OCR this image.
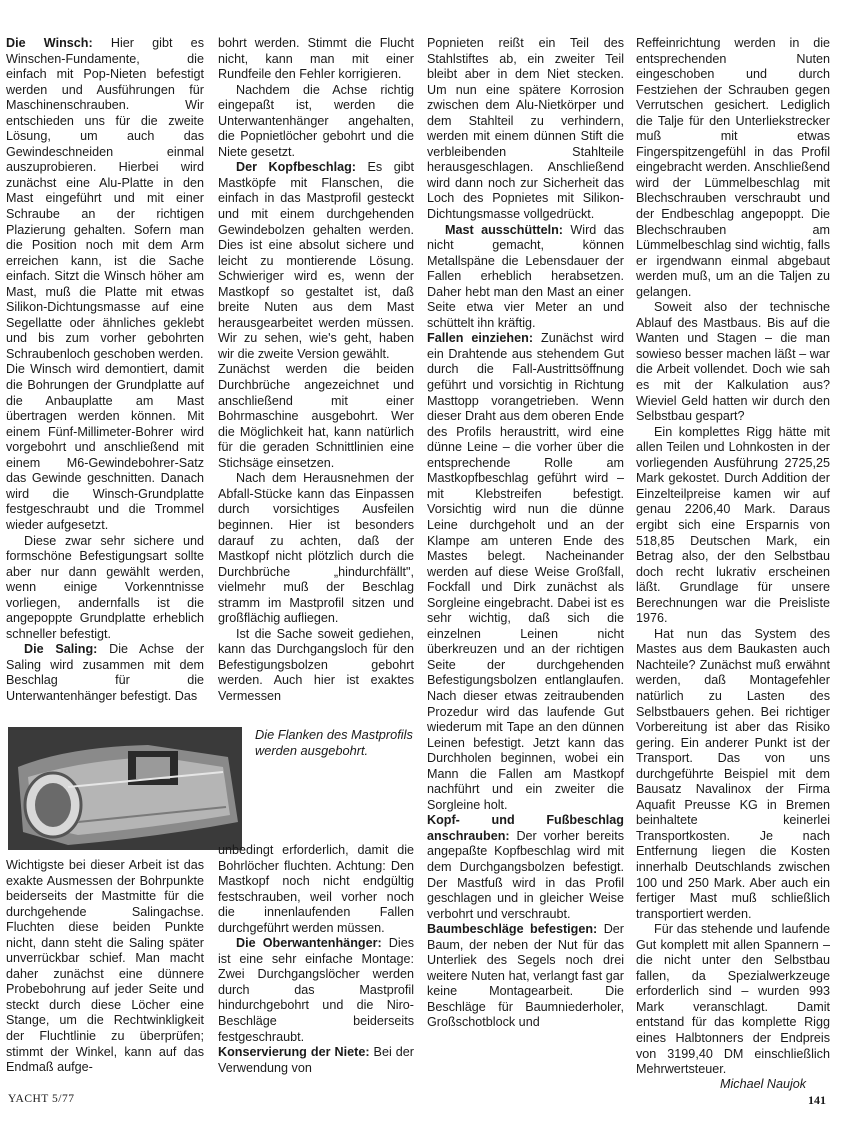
Die Winsch: Hier gibt es Winschen-Fundamente, die einfach mit Pop-Nieten befestigt werden und Ausführungen für Maschinenschrauben. Wir entschieden uns für die zweite Lösung, um auch das Gewindeschneiden einmal auszuprobieren. Hierbei wird zunächst eine Alu-Platte in den Mast eingeführt und mit einer Schraube an der richtigen Plazierung gehalten. Sofern man die Position noch mit dem Arm erreichen kann, ist die Sache einfach. Sitzt die Winsch höher am Mast, muß die Platte mit etwas Silikon-Dichtungsmasse auf eine Segellatte oder ähnliches geklebt und bis zum vorher gebohrten Schraubenloch geschoben werden.

Die Winsch wird demontiert, damit die Bohrungen der Grundplatte auf die Anbauplatte am Mast übertragen werden können. Mit einem Fünf-Millimeter-Bohrer wird vorgebohrt und anschließend mit einem M6-Gewindebohrer-Satz das Gewinde geschnitten. Danach wird die Winsch-Grundplatte festgeschraubt und die Trommel wieder aufgesetzt.

Diese zwar sehr sichere und formschöne Befestigungsart sollte aber nur dann gewählt werden, wenn einige Vorkenntnisse vorliegen, andernfalls ist die angepoppte Grundplatte erheblich schneller befestigt.

Die Saling: Die Achse der Saling wird zusammen mit dem Beschlag für die Unterwantenhänger befestigt. Das

bohrt werden. Stimmt die Flucht nicht, kann man mit einer Rundfeile den Fehler korrigieren.

Nachdem die Achse richtig eingepaßt ist, werden die Unterwantenhänger angehalten, die Popnietlöcher gebohrt und die Niete gesetzt.

Der Kopfbeschlag: Es gibt Mastköpfe mit Flanschen, die einfach in das Mastprofil gesteckt und mit einem durchgehenden Gewindebolzen gehalten werden. Dies ist eine absolut sichere und leicht zu montierende Lösung. Schwieriger wird es, wenn der Mastkopf so gestaltet ist, daß breite Nuten aus dem Mast herausgearbeitet werden müssen. Wir zu sehen, wie's geht, haben wir die zweite Version gewählt.

Zunächst werden die beiden Durchbrüche angezeichnet und anschließend mit einer Bohrmaschine ausgebohrt. Wer die Möglichkeit hat, kann natürlich für die geraden Schnittlinien eine Stichsäge einsetzen.

Nach dem Herausnehmen der Abfall-Stücke kann das Einpassen durch vorsichtiges Ausfeilen beginnen. Hier ist besonders darauf zu achten, daß der Mastkopf nicht plötzlich durch die Durchbrüche „hindurchfällt", vielmehr muß der Beschlag stramm im Mastprofil sitzen und großflächig aufliegen.

Ist die Sache soweit gediehen, kann das Durchgangsloch für den Befestigungsbolzen gebohrt werden. Auch hier ist exaktes Vermessen

Popnieten reißt ein Teil des Stahlstiftes ab, ein zweiter Teil bleibt aber in dem Niet stecken. Um nun eine spätere Korrosion zwischen dem Alu-Nietkörper und dem Stahlteil zu verhindern, werden mit einem dünnen Stift die verbleibenden Stahlteile herausgeschlagen. Anschließend wird dann noch zur Sicherheit das Loch des Popnietes mit Silikon-Dichtungsmasse vollgedrückt.

Mast ausschütteln: Wird das nicht gemacht, können Metallspäne die Lebensdauer der Fallen erheblich herabsetzen. Daher hebt man den Mast an einer Seite etwa vier Meter an und schüttelt ihn kräftig.

Fallen einziehen: Zunächst wird ein Drahtende aus stehendem Gut durch die Fall-Austrittsöffnung geführt und vorsichtig in Richtung Masttopp vorangetrieben. Wenn dieser Draht aus dem oberen Ende des Profils heraustritt, wird eine dünne Leine – die vorher über die entsprechende Rolle am Mastkopfbeschlag geführt wird – mit Klebstreifen befestigt. Vorsichtig wird nun die dünne Leine durchgeholt und an der Klampe am unteren Ende des Mastes belegt. Nacheinander werden auf diese Weise Großfall, Fockfall und Dirk zunächst als Sorgleine eingebracht. Dabei ist es sehr wichtig, daß sich die einzelnen Leinen nicht überkreuzen und an der richtigen Seite der durchgehenden Befestigungsbolzen entlanglaufen. Nach dieser etwas zeitraubenden Prozedur wird das laufende Gut wiederum mit Tape an den dünnen Leinen befestigt. Jetzt kann das Durchholen beginnen, wobei ein Mann die Fallen am Mastkopf nachführt und ein zweiter die Sorgleine holt.

Kopf- und Fußbeschlag anschrauben: Der vorher bereits angepaßte Kopfbeschlag wird mit dem Durchgangsbolzen befestigt. Der Mastfuß wird in das Profil geschlagen und in gleicher Weise verbohrt und verschraubt.

Baumbeschläge befestigen: Der Baum, der neben der Nut für das Unterliek des Segels noch drei weitere Nuten hat, verlangt fast gar keine Montagearbeit. Die Beschläge für Baumniederholer, Großschotblock und

Reffeinrichtung werden in die entsprechenden Nuten eingeschoben und durch Festziehen der Schrauben gegen Verrutschen gesichert. Lediglich die Talje für den Unterliekstrecker muß mit etwas Fingerspitzengefühl in das Profil eingebracht werden. Anschließend wird der Lümmelbeschlag mit Blechschrauben verschraubt und der Endbeschlag angepoppt. Die Blechschrauben am Lümmelbeschlag sind wichtig, falls er irgendwann einmal abgebaut werden muß, um an die Taljen zu gelangen.

Soweit also der technische Ablauf des Mastbaus. Bis auf die Wanten und Stagen – die man sowieso besser machen läßt – war die Arbeit vollendet. Doch wie sah es mit der Kalkulation aus? Wieviel Geld hatten wir durch den Selbstbau gespart?

Ein komplettes Rigg hätte mit allen Teilen und Lohnkosten in der vorliegenden Ausführung 2725,25 Mark gekostet. Durch Addition der Einzelteilpreise kamen wir auf genau 2206,40 Mark. Daraus ergibt sich eine Ersparnis von 518,85 Deutschen Mark, ein Betrag also, der den Selbstbau doch recht lukrativ erscheinen läßt. Grundlage für unsere Berechnungen war die Preisliste 1976.

Hat nun das System des Mastes aus dem Baukasten auch Nachteile? Zunächst muß erwähnt werden, daß Montagefehler natürlich zu Lasten des Selbstbauers gehen. Bei richtiger Vorbereitung ist aber das Risiko gering. Ein anderer Punkt ist der Transport. Das von uns durchgeführte Beispiel mit dem Bausatz Navalinox der Firma Aquafit Preusse KG in Bremen beinhaltete keinerlei Transportkosten. Je nach Entfernung liegen die Kosten innerhalb Deutschlands zwischen 100 und 250 Mark. Aber auch ein fertiger Mast muß schließlich transportiert werden.

Für das stehende und laufende Gut komplett mit allen Spannern – die nicht unter den Selbstbau fallen, da Spezialwerkzeuge erforderlich sind – wurden 993 Mark veranschlagt. Damit entstand für das komplette Rigg eines Halbtonners der Endpreis von 3199,40 DM einschließlich Mehrwertsteuer.

Die Flanken des Mastprofils werden ausgebohrt.

Wichtigste bei dieser Arbeit ist das exakte Ausmessen der Bohrpunkte beiderseits der Mastmitte für die durchgehende Salingachse. Fluchten diese beiden Punkte nicht, dann steht die Saling später unverrückbar schief. Man macht daher zunächst eine dünnere Probebohrung auf jeder Seite und steckt durch diese Löcher eine Stange, um die Rechtwinkligkeit der Fluchtlinie zu überprüfen; stimmt der Winkel, kann auf das Endmaß aufge-

unbedingt erforderlich, damit die Bohrlöcher fluchten. Achtung: Den Mastkopf noch nicht endgültig festschrauben, weil vorher noch die innenlaufenden Fallen durchgeführt werden müssen.

Die Oberwantenhänger: Dies ist eine sehr einfache Montage: Zwei Durchgangslöcher werden durch das Mastprofil hindurchgebohrt und die Niro-Beschläge beiderseits festgeschraubt.

Konservierung der Niete: Bei der Verwendung von

Michael Naujok
YACHT 5/77	141
